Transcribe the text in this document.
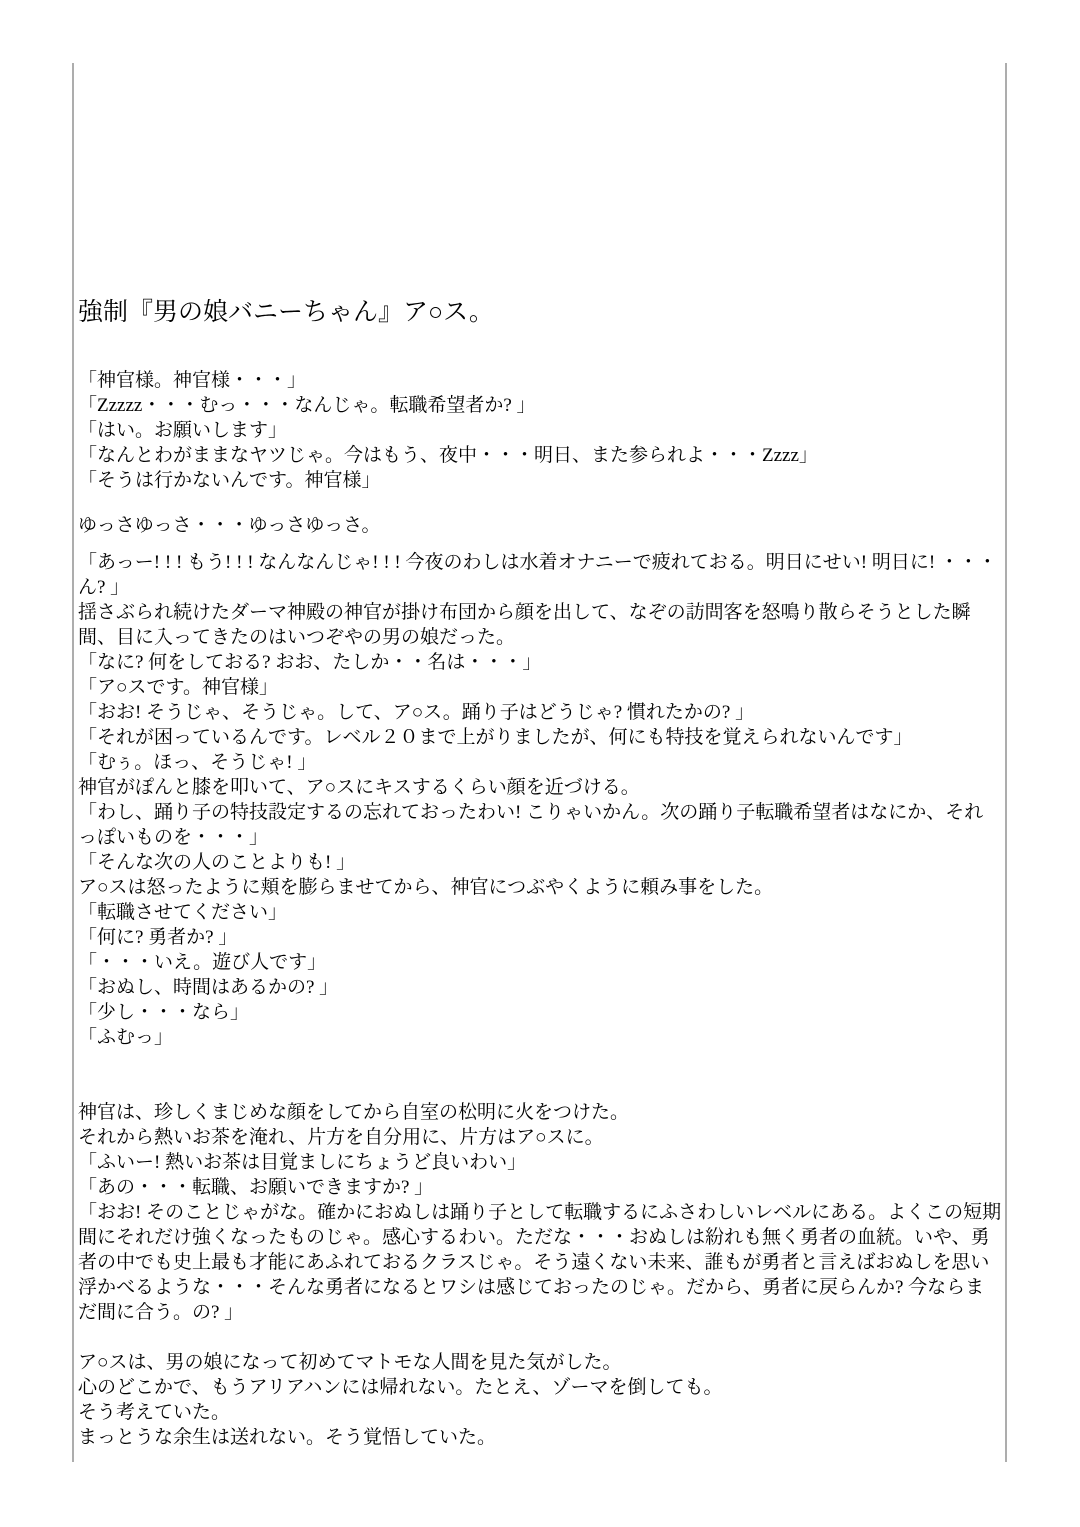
強制『男の娘バニーちゃん』ア○ス。
「神官様。神官様・・・」
「Zzzzz・・・むっ・・・なんじゃ。転職希望者か? 」
「はい。お願いします」
「なんとわがままなヤツじゃ。今はもう、夜中・・・明日、また参られよ・・・Zzzz」
「そうは行かないんです。神官様」
ゆっさゆっさ・・・ゆっさゆっさ。
「あっー! ! ! もう! ! ! なんなんじゃ! ! ! 今夜のわしは水着オナニーで疲れておる。明日にせい! 明日に! ・・・ん? 」
揺さぶられ続けたダーマ神殿の神官が掛け布団から顔を出して、なぞの訪問客を怒鳴り散らそうとした瞬間、目に入ってきたのはいつぞやの男の娘だった。
「なに? 何をしておる? おお、たしか・・名は・・・」
「ア○スです。神官様」
「おお! そうじゃ、そうじゃ。して、ア○ス。踊り子はどうじゃ? 慣れたかの? 」
「それが困っているんです。レベル２０まで上がりましたが、何にも特技を覚えられないんです」
「むぅ。ほっ、そうじゃ! 」
神官がぽんと膝を叩いて、ア○スにキスするくらい顔を近づける。
「わし、踊り子の特技設定するの忘れておったわい! こりゃいかん。次の踊り子転職希望者はなにか、それっぽいものを・・・」
「そんな次の人のことよりも! 」
ア○スは怒ったように頬を膨らませてから、神官につぶやくように頼み事をした。
「転職させてください」
「何に? 勇者か? 」
「・・・いえ。遊び人です」
「おぬし、時間はあるかの? 」
「少し・・・なら」
「ふむっ」
神官は、珍しくまじめな顔をしてから自室の松明に火をつけた。
それから熱いお茶を淹れ、片方を自分用に、片方はア○スに。
「ふいー! 熱いお茶は目覚ましにちょうど良いわい」
「あの・・・転職、お願いできますか? 」
「おお! そのことじゃがな。確かにおぬしは踊り子として転職するにふさわしいレベルにある。よくこの短期間にそれだけ強くなったものじゃ。感心するわい。ただな・・・おぬしは紛れも無く勇者の血統。いや、勇者の中でも史上最も才能にあふれておるクラスじゃ。そう遠くない未来、誰もが勇者と言えばおぬしを思い浮かべるような・・・そんな勇者になるとワシは感じておったのじゃ。だから、勇者に戻らんか? 今ならまだ間に合う。の? 」
ア○スは、男の娘になって初めてマトモな人間を見た気がした。
心のどこかで、もうアリアハンには帰れない。たとえ、ゾーマを倒しても。
そう考えていた。
まっとうな余生は送れない。そう覚悟していた。
